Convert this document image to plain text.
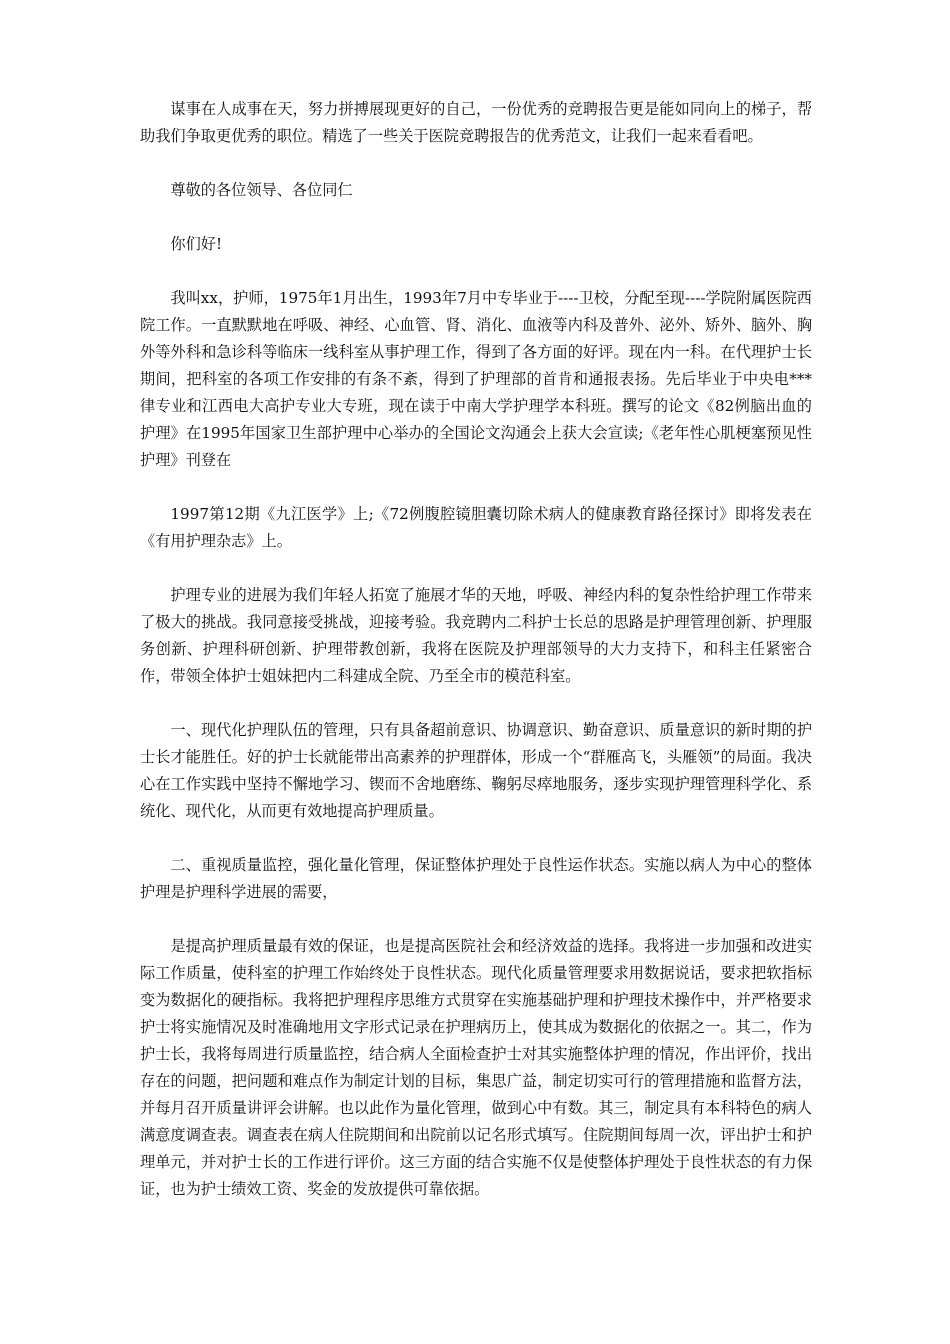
谋事在人成事在天，努力拼搏展现更好的自己，一份优秀的竞聘报告更是能如同向上的梯子，帮助我们争取更优秀的职位。精选了一些关于医院竞聘报告的优秀范文，让我们一起来看看吧。

尊敬的各位领导、各位同仁

你们好!

我叫xx，护师，1975年1月出生，1993年7月中专毕业于----卫校，分配至现----学院附属医院西院工作。一直默默地在呼吸、神经、心血管、肾、消化、血液等内科及普外、泌外、矫外、脑外、胸外等外科和急诊科等临床一线科室从事护理工作，得到了各方面的好评。现在内一科。在代理护士长期间，把科室的各项工作安排的有条不紊，得到了护理部的首肯和通报表扬。先后毕业于中央电***律专业和江西电大高护专业大专班，现在读于中南大学护理学本科班。撰写的论文《82例脑出血的护理》在1995年国家卫生部护理中心举办的全国论文沟通会上获大会宣读;《老年性心肌梗塞预见性护理》刊登在

1997第12期《九江医学》上;《72例腹腔镜胆囊切除术病人的健康教育路径探讨》即将发表在《有用护理杂志》上。

护理专业的进展为我们年轻人拓宽了施展才华的天地，呼吸、神经内科的复杂性给护理工作带来了极大的挑战。我同意接受挑战，迎接考验。我竞聘内二科护士长总的思路是护理管理创新、护理服务创新、护理科研创新、护理带教创新，我将在医院及护理部领导的大力支持下，和科主任紧密合作，带领全体护士姐妹把内二科建成全院、乃至全市的模范科室。

一、现代化护理队伍的管理，只有具备超前意识、协调意识、勤奋意识、质量意识的新时期的护士长才能胜任。好的护士长就能带出高素养的护理群体，形成一个“群雁高飞，头雁领”的局面。我决心在工作实践中坚持不懈地学习、锲而不舍地磨练、鞠躬尽瘁地服务，逐步实现护理管理科学化、系统化、现代化，从而更有效地提高护理质量。

二、重视质量监控，强化量化管理，保证整体护理处于良性运作状态。实施以病人为中心的整体护理是护理科学进展的需要，

是提高护理质量最有效的保证，也是提高医院社会和经济效益的选择。我将进一步加强和改进实际工作质量，使科室的护理工作始终处于良性状态。现代化质量管理要求用数据说话，要求把软指标变为数据化的硬指标。我将把护理程序思维方式贯穿在实施基础护理和护理技术操作中，并严格要求护士将实施情况及时准确地用文字形式记录在护理病历上，使其成为数据化的依据之一。其二，作为护士长，我将每周进行质量监控，结合病人全面检查护士对其实施整体护理的情况，作出评价，找出存在的问题，把问题和难点作为制定计划的目标，集思广益，制定切实可行的管理措施和监督方法，并每月召开质量讲评会讲解。也以此作为量化管理，做到心中有数。其三，制定具有本科特色的病人满意度调查表。调查表在病人住院期间和出院前以记名形式填写。住院期间每周一次，评出护士和护理单元，并对护士长的工作进行评价。这三方面的结合实施不仅是使整体护理处于良性状态的有力保证，也为护士绩效工资、奖金的发放提供可靠依据。
